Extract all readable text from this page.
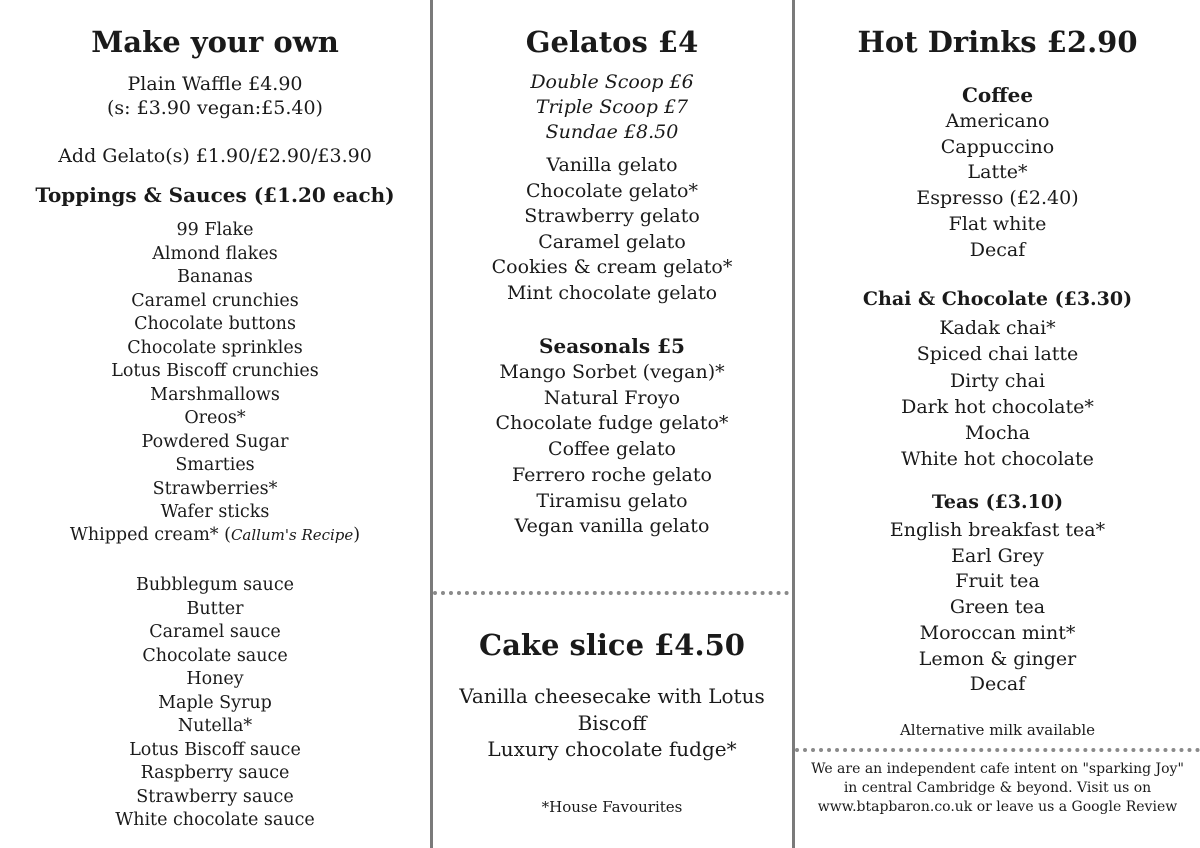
Make your own
Plain Waffle £4.90
(s: £3.90 vegan:£5.40)
Add Gelato(s) £1.90/£2.90/£3.90
Toppings & Sauces (£1.20 each)
99 Flake
Almond flakes
Bananas
Caramel crunchies
Chocolate buttons
Chocolate sprinkles
Lotus Biscoff crunchies
Marshmallows
Oreos*
Powdered Sugar
Smarties
Strawberries*
Wafer sticks
Whipped cream* (Callum's Recipe)
Bubblegum sauce
Butter
Caramel sauce
Chocolate sauce
Honey
Maple Syrup
Nutella*
Lotus Biscoff sauce
Raspberry sauce
Strawberry sauce
White chocolate sauce
Gelatos £4
Double Scoop £6
Triple Scoop £7
Sundae £8.50
Vanilla gelato
Chocolate gelato*
Strawberry gelato
Caramel gelato
Cookies & cream gelato*
Mint chocolate gelato
Seasonals £5
Mango Sorbet (vegan)*
Natural Froyo
Chocolate fudge gelato*
Coffee gelato
Ferrero roche gelato
Tiramisu gelato
Vegan vanilla gelato
Cake slice £4.50
Vanilla cheesecake with Lotus
Biscoff
Luxury chocolate fudge*
*House Favourites
Hot Drinks £2.90
Coffee
Americano
Cappuccino
Latte*
Espresso (£2.40)
Flat white
Decaf
Chai & Chocolate (£3.30)
Kadak chai*
Spiced chai latte
Dirty chai
Dark hot chocolate*
Mocha
White hot chocolate
Teas (£3.10)
English breakfast tea*
Earl Grey
Fruit tea
Green tea
Moroccan mint*
Lemon & ginger
Decaf
Alternative milk available
We are an independent cafe intent on "sparking Joy"
in central Cambridge & beyond. Visit us on
www.btapbaron.co.uk or leave us a Google Review
